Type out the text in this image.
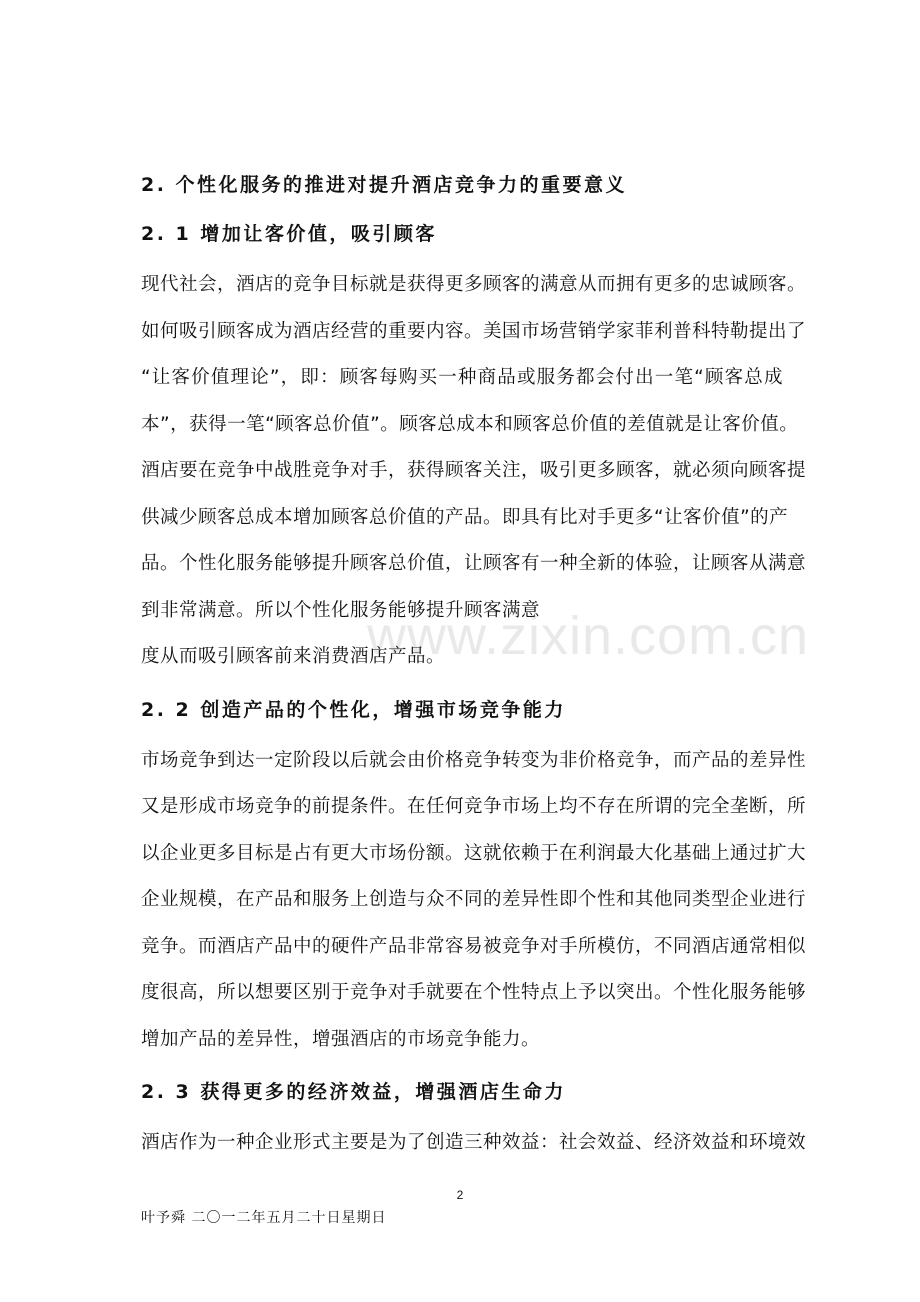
2. 个性化服务的推进对提升酒店竞争力的重要意义
2. 1 增加让客价值，吸引顾客
现代社会，酒店的竞争目标就是获得更多顾客的满意从而拥有更多的忠诚顾客。
如何吸引顾客成为酒店经营的重要内容。美国市场营销学家菲利普科特勒提出了
“让客价值理论”，即：顾客每购买一种商品或服务都会付出一笔“顾客总成
本”，获得一笔“顾客总价值”。顾客总成本和顾客总价值的差值就是让客价值。
酒店要在竞争中战胜竞争对手，获得顾客关注，吸引更多顾客，就必须向顾客提
供减少顾客总成本增加顾客总价值的产品。即具有比对手更多“让客价值”的产
品。个性化服务能够提升顾客总价值，让顾客有一种全新的体验，让顾客从满意
到非常满意。所以个性化服务能够提升顾客满意
度从而吸引顾客前来消费酒店产品。
2. 2 创造产品的个性化，增强市场竞争能力
市场竞争到达一定阶段以后就会由价格竞争转变为非价格竞争，而产品的差异性
又是形成市场竞争的前提条件。在任何竞争市场上均不存在所谓的完全垄断，所
以企业更多目标是占有更大市场份额。这就依赖于在利润最大化基础上通过扩大
企业规模，在产品和服务上创造与众不同的差异性即个性和其他同类型企业进行
竞争。而酒店产品中的硬件产品非常容易被竞争对手所模仿，不同酒店通常相似
度很高，所以想要区别于竞争对手就要在个性特点上予以突出。个性化服务能够
增加产品的差异性，增强酒店的市场竞争能力。
2. 3 获得更多的经济效益，增强酒店生命力
酒店作为一种企业形式主要是为了创造三种效益：社会效益、经济效益和环境效
www.zixin.com.cn
2
叶予舜 二〇一二年五月二十日星期日
